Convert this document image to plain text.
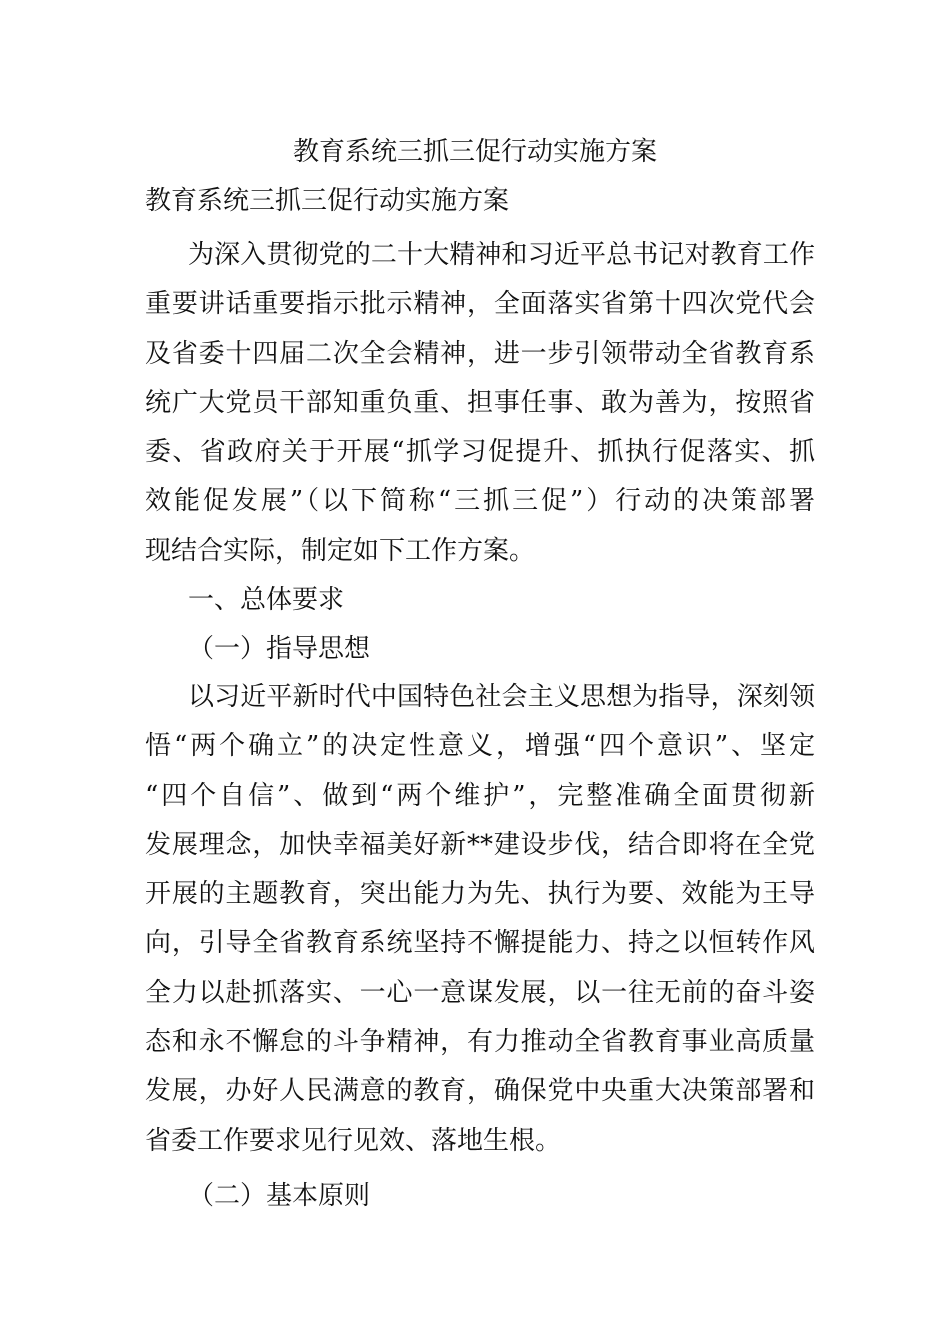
教育系统三抓三促行动实施方案
教育系统三抓三促行动实施方案
为深入贯彻党的二十大精神和习近平总书记对教育工作
重要讲话重要指示批示精神，全面落实省第十四次党代会
及省委十四届二次全会精神，进一步引领带动全省教育系
统广大党员干部知重负重、担事任事、敢为善为，按照省
委、省政府关于开展“抓学习促提升、抓执行促落实、抓
效能促发展”（以下简称“三抓三促”）行动的决策部署
现结合实际，制定如下工作方案。
一、总体要求
（一）指导思想
以习近平新时代中国特色社会主义思想为指导，深刻领
悟“两个确立”的决定性意义，增强“四个意识”、坚定
“四个自信”、做到“两个维护”，完整准确全面贯彻新
发展理念，加快幸福美好新**建设步伐，结合即将在全党
开展的主题教育，突出能力为先、执行为要、效能为王导
向，引导全省教育系统坚持不懈提能力、持之以恒转作风
全力以赴抓落实、一心一意谋发展，以一往无前的奋斗姿
态和永不懈怠的斗争精神，有力推动全省教育事业高质量
发展，办好人民满意的教育，确保党中央重大决策部署和
省委工作要求见行见效、落地生根。
（二）基本原则
